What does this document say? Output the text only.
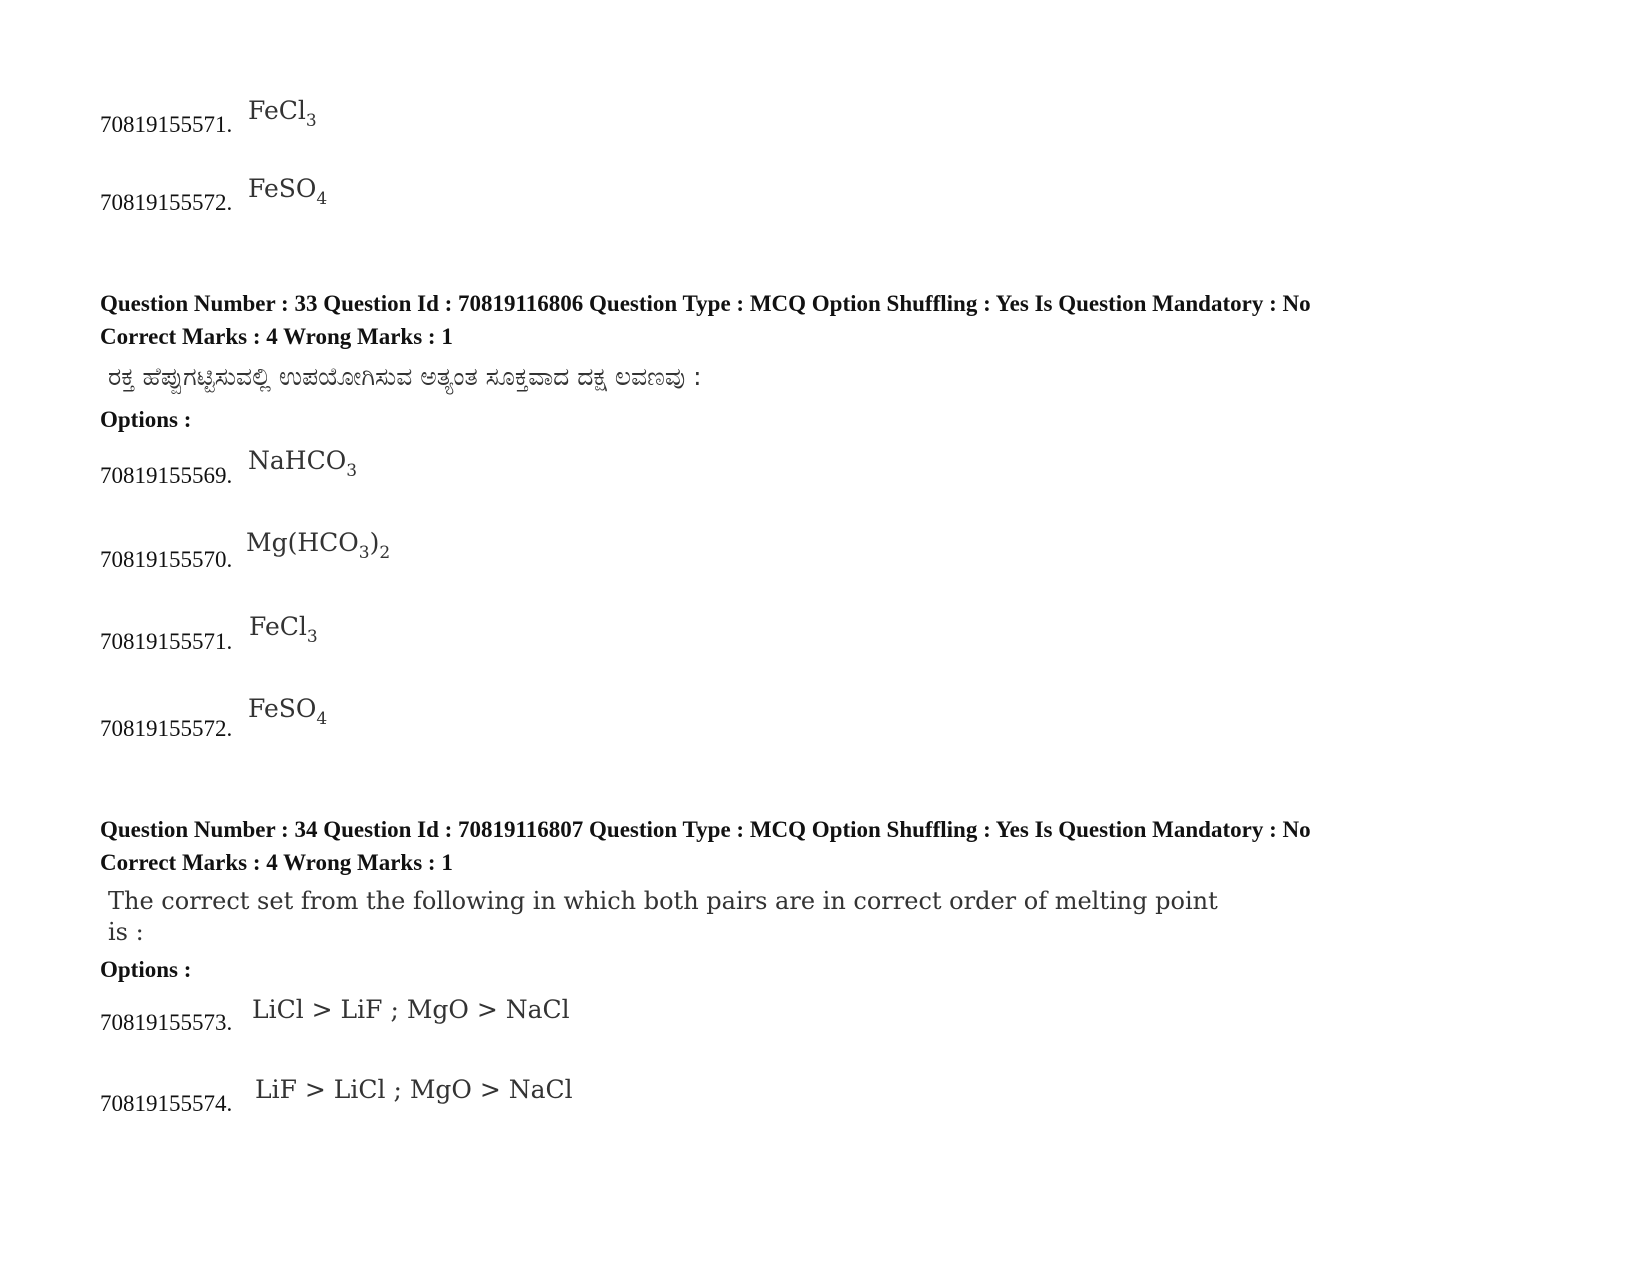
70819155571. FeCl$_3$
70819155572. FeSO$_4$
Question Number : 33 Question Id : 70819116806 Question Type : MCQ Option Shuffling : Yes Is Question Mandatory : No
Correct Marks : 4 Wrong Marks : 1
ರಕ್ತ ಹೆಪ್ಪುಗಟ್ಟಿಸುವಲ್ಲಿ ಉಪಯೋಗಿಸುವ ಅತ್ಯಂತ ಸೂಕ್ತವಾದ ದಕ್ಷ ಲವಣವು :
Options :
70819155569.
NaHCO$_3$
70819155570.
$Mg(HCO_3)_2$
70819155571.
FeCl$_3$
70819155572.
FeSO$_4$
Question Number : 34 Question Id : 70819116807 Question Type : MCQ Option Shuffling : Yes Is Question Mandatory : No
Correct Marks : 4 Wrong Marks : 1
The correct set from the following in which both pairs are in correct order of melting point is :
Options :
70819155573. LiCl > LiF ; MgO > NaCl
70819155574. LiF > LiCl ; MgO > NaCl
